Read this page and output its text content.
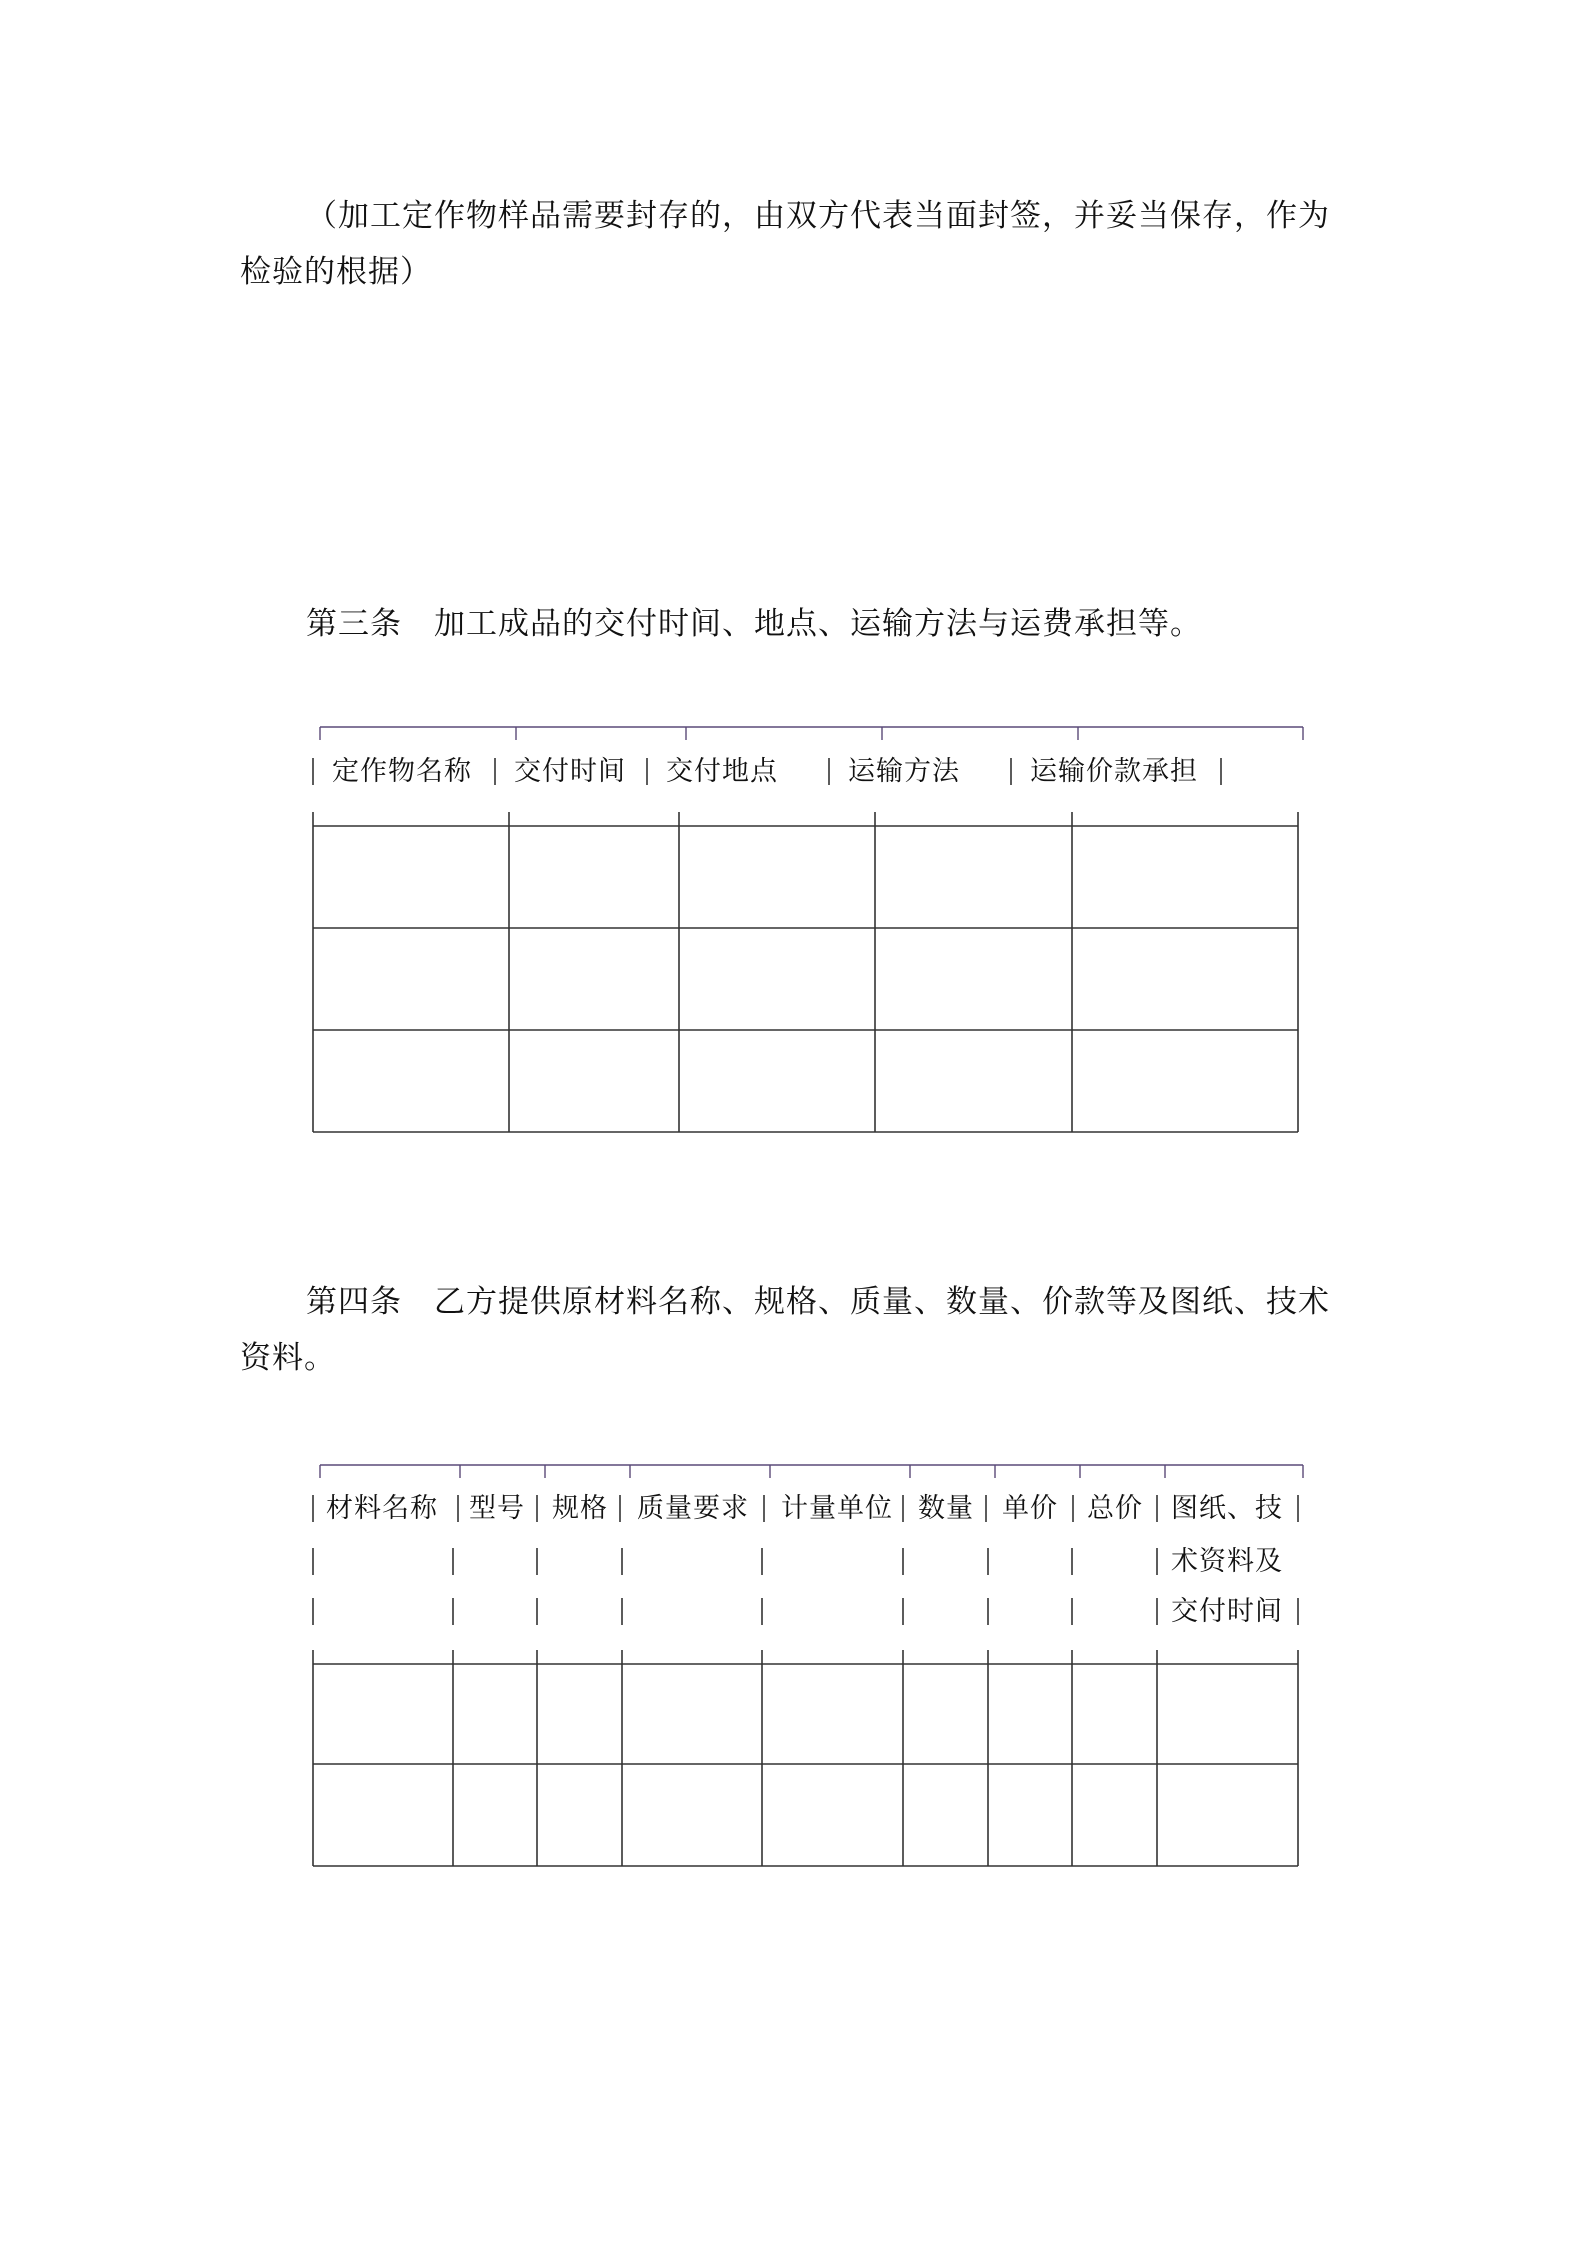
（加工定作物样品需要封存的，由双方代表当面封签，并妥当保存，作为检验的根据）

第三条　加工成品的交付时间、地点、运输方法与运费承担等。

第四条　乙方提供原材料名称、规格、质量、数量、价款等及图纸、技术资料。

定作物名称 交付时间 交付地点	运输方法	运输价款承担
材料名称 型号 规格 质量要求 计量单位 数量 单价 总价 图纸、技
术资料及
交付时间
